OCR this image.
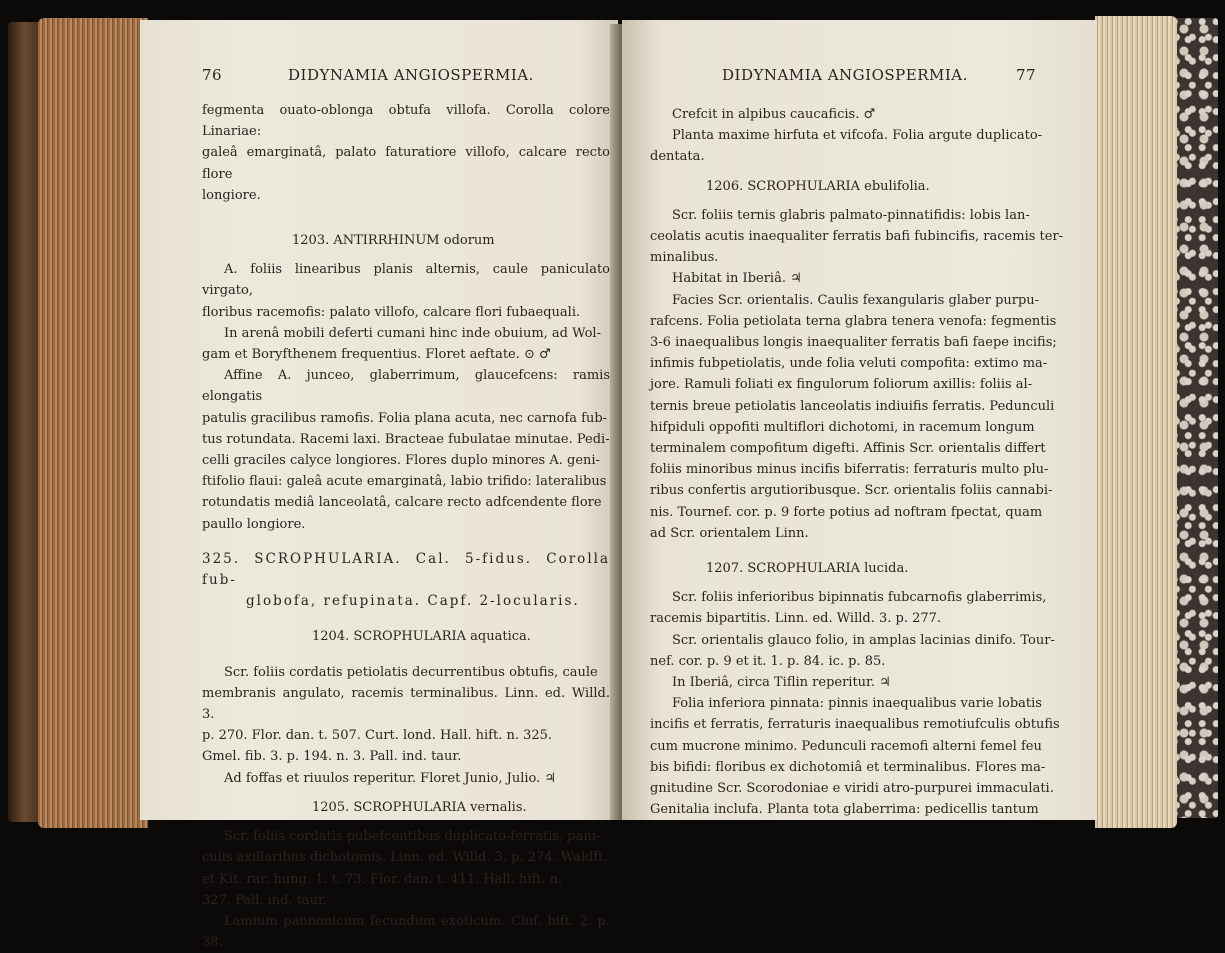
76	DIDYNAMIA ANGIOSPERMIA.

fegmenta ouato-oblonga obtufa villofa. Corolla colore Linariae:

galeâ emarginatâ, palato faturatiore villofo, calcare recto flore

longiore.

1203. ANTIRRHINUM odorum

A. foliis linearibus planis alternis, caule paniculato virgato,

floribus racemofis: palato villofo, calcare flori fubaequali.

In arenâ mobili deferti cumani hinc inde obuium, ad Wol-

gam et Boryfthenem frequentius. Floret aeftate. ⊙ ♂

Affine A. junceo, glaberrimum, glaucefcens: ramis elongatis

patulis gracilibus ramofis. Folia plana acuta, nec carnofa fub-

tus rotundata. Racemi laxi. Bracteae fubulatae minutae. Pedi-

celli graciles calyce longiores. Flores duplo minores A. geni-

ftifolio flaui: galeâ acute emarginatâ, labio trifido: lateralibus

rotundatis mediâ lanceolatâ, calcare recto adfcendente flore

paullo longiore.

325. SCROPHULARIA. Cal. 5-fidus. Corolla fub-

globofa, refupinata. Capf. 2-locularis.

1204. SCROPHULARIA aquatica.

Scr. foliis cordatis petiolatis decurrentibus obtufis, caule

membranis angulato, racemis terminalibus. Linn. ed. Willd. 3.

p. 270. Flor. dan. t. 507. Curt. lond. Hall. hift. n. 325.

Gmel. fib. 3. p. 194. n. 3. Pall. ind. taur.

Ad foffas et riuulos reperitur. Floret Junio, Julio. ♃

1205. SCROPHULARIA vernalis.

Scr. foliis cordatis pubefcentibus duplicato-ferratis, pani-

culis axillaribus dichotomis. Linn. ed. Willd. 3. p. 274. Waldft.

et Kit. rar. hung. 1. t. 73. Flor. dan. t. 411. Hall. hift. n.

327. Pall. ind. taur.

Lamium pannonicum fecundum exoticum. Cluf. hift. 2. p. 38.

DIDYNAMIA ANGIOSPERMIA.	77

Crefcit in alpibus caucaficis. ♂

Planta maxime hirfuta et vifcofa. Folia argute duplicato-

dentata.

1206. SCROPHULARIA ebulifolia.

Scr. foliis ternis glabris palmato-pinnatifidis: lobis lan-

ceolatis acutis inaequaliter ferratis bafi fubincifis, racemis ter-

minalibus.

Habitat in Iberiâ. ♃

Facies Scr. orientalis. Caulis fexangularis glaber purpu-

rafcens. Folia petiolata terna glabra tenera venofa: fegmentis

3-6 inaequalibus longis inaequaliter ferratis bafi faepe incifis;

infimis fubpetiolatis, unde folia veluti compofita: extimo ma-

jore. Ramuli foliati ex fingulorum foliorum axillis: foliis al-

ternis breue petiolatis lanceolatis indiuifis ferratis. Pedunculi

hifpiduli oppofiti multiflori dichotomi, in racemum longum

terminalem compofitum digefti. Affinis Scr. orientalis differt

foliis minoribus minus incifis biferratis: ferraturis multo plu-

ribus confertis argutioribusque. Scr. orientalis foliis cannabi-

nis. Tournef. cor. p. 9 forte potius ad noftram fpectat, quam

ad Scr. orientalem Linn.

1207. SCROPHULARIA lucida.

Scr. foliis inferioribus bipinnatis fubcarnofis glaberrimis,

racemis bipartitis. Linn. ed. Willd. 3. p. 277.

Scr. orientalis glauco folio, in amplas lacinias dinifo. Tour-

nef. cor. p. 9 et it. 1. p. 84. ic. p. 85.

In Iberiâ, circa Tiflin reperitur. ♃

Folia inferiora pinnata: pinnis inaequalibus varie lobatis

incifis et ferratis, ferraturis inaequalibus remotiufculis obtufis

cum mucrone minimo. Pedunculi racemofi alterni femel feu

bis bifidi: floribus ex dichotomiâ et terminalibus. Flores ma-

gnitudine Scr. Scorodoniae e viridi atro-purpurei immaculati.

Genitalia inclufa. Planta tota glaberrima: pedicellis tantum
